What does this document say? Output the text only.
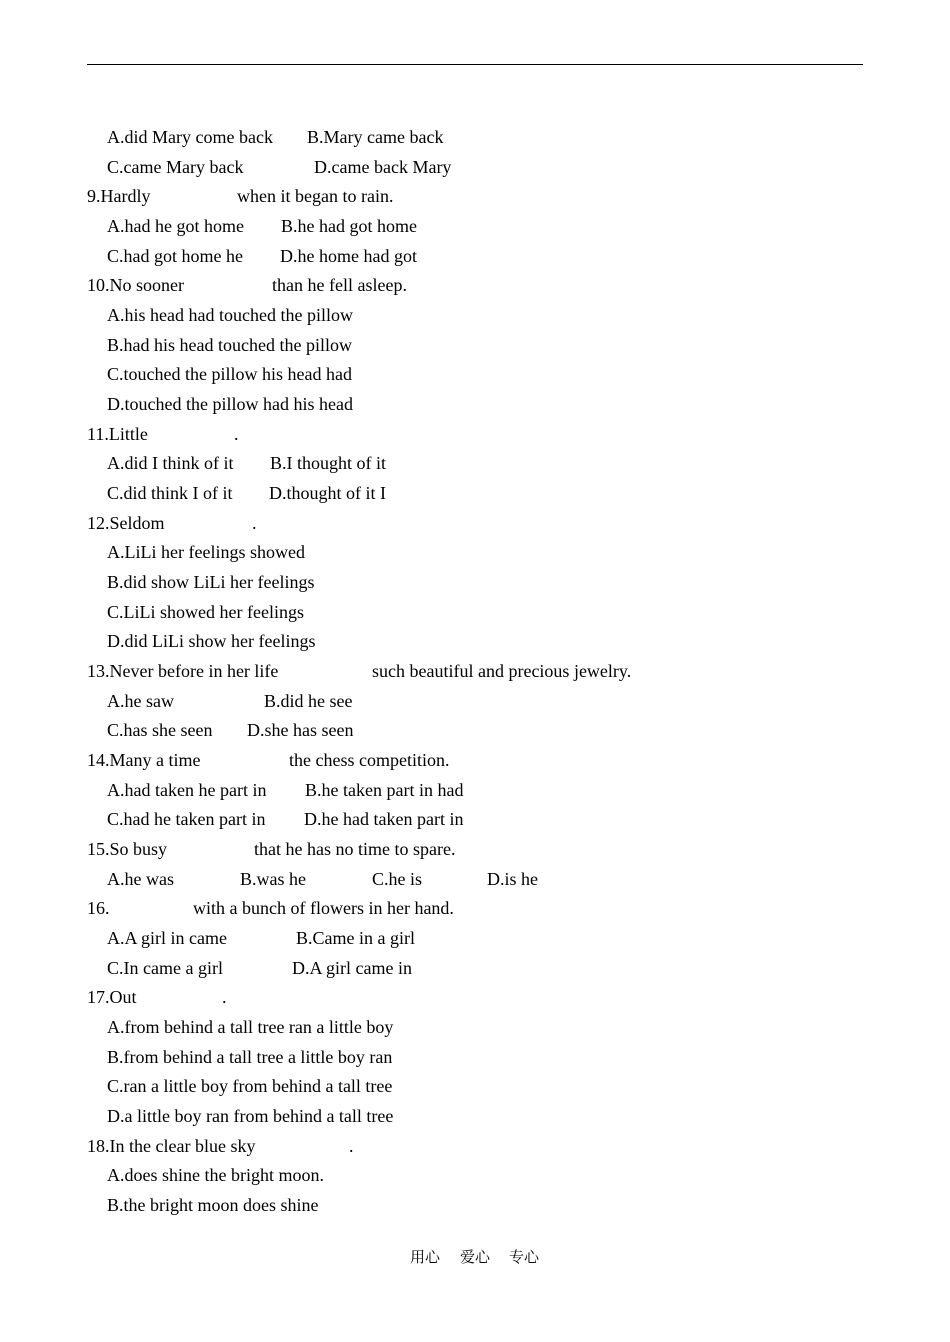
A.did Mary come back B.Mary came back
C.came Mary back	D.came back Mary
9.Hardly	when it began to rain.
A.had he got home B.he had got home
C.had got home he D.he home had got
10.No sooner	than he fell asleep.
A.his head had touched the pillow
B.had his head touched the pillow
C.touched the pillow his head had
D.touched the pillow had his head
11.Little	.
A.did I think of it B.I thought of it
C.did think I of it D.thought of it I
12.Seldom	.
A.LiLi her feelings showed
B.did show LiLi her feelings
C.LiLi showed her feelings
D.did LiLi show her feelings
13.Never before in her life	such beautiful and precious jewelry.
A.he saw	B.did he see
C.has she seen D.she has seen
14.Many a time	the chess competition.
A.had taken he part in B.he taken part in had
C.had he taken part in D.he had taken part in
15.So busy	that he has no time to spare.
A.he was	B.was he	C.he is	D.is he
16.	with a bunch of flowers in her hand.
A.A girl in came	B.Came in a girl
C.In came a girl	D.A girl came in
17.Out	.
A.from behind a tall tree ran a little boy
B.from behind a tall tree a little boy ran
C.ran a little boy from behind a tall tree
D.a little boy ran from behind a tall tree
18.In the clear blue sky	.
A.does shine the bright moon.
B.the bright moon does shine
用心 爱心 专心
